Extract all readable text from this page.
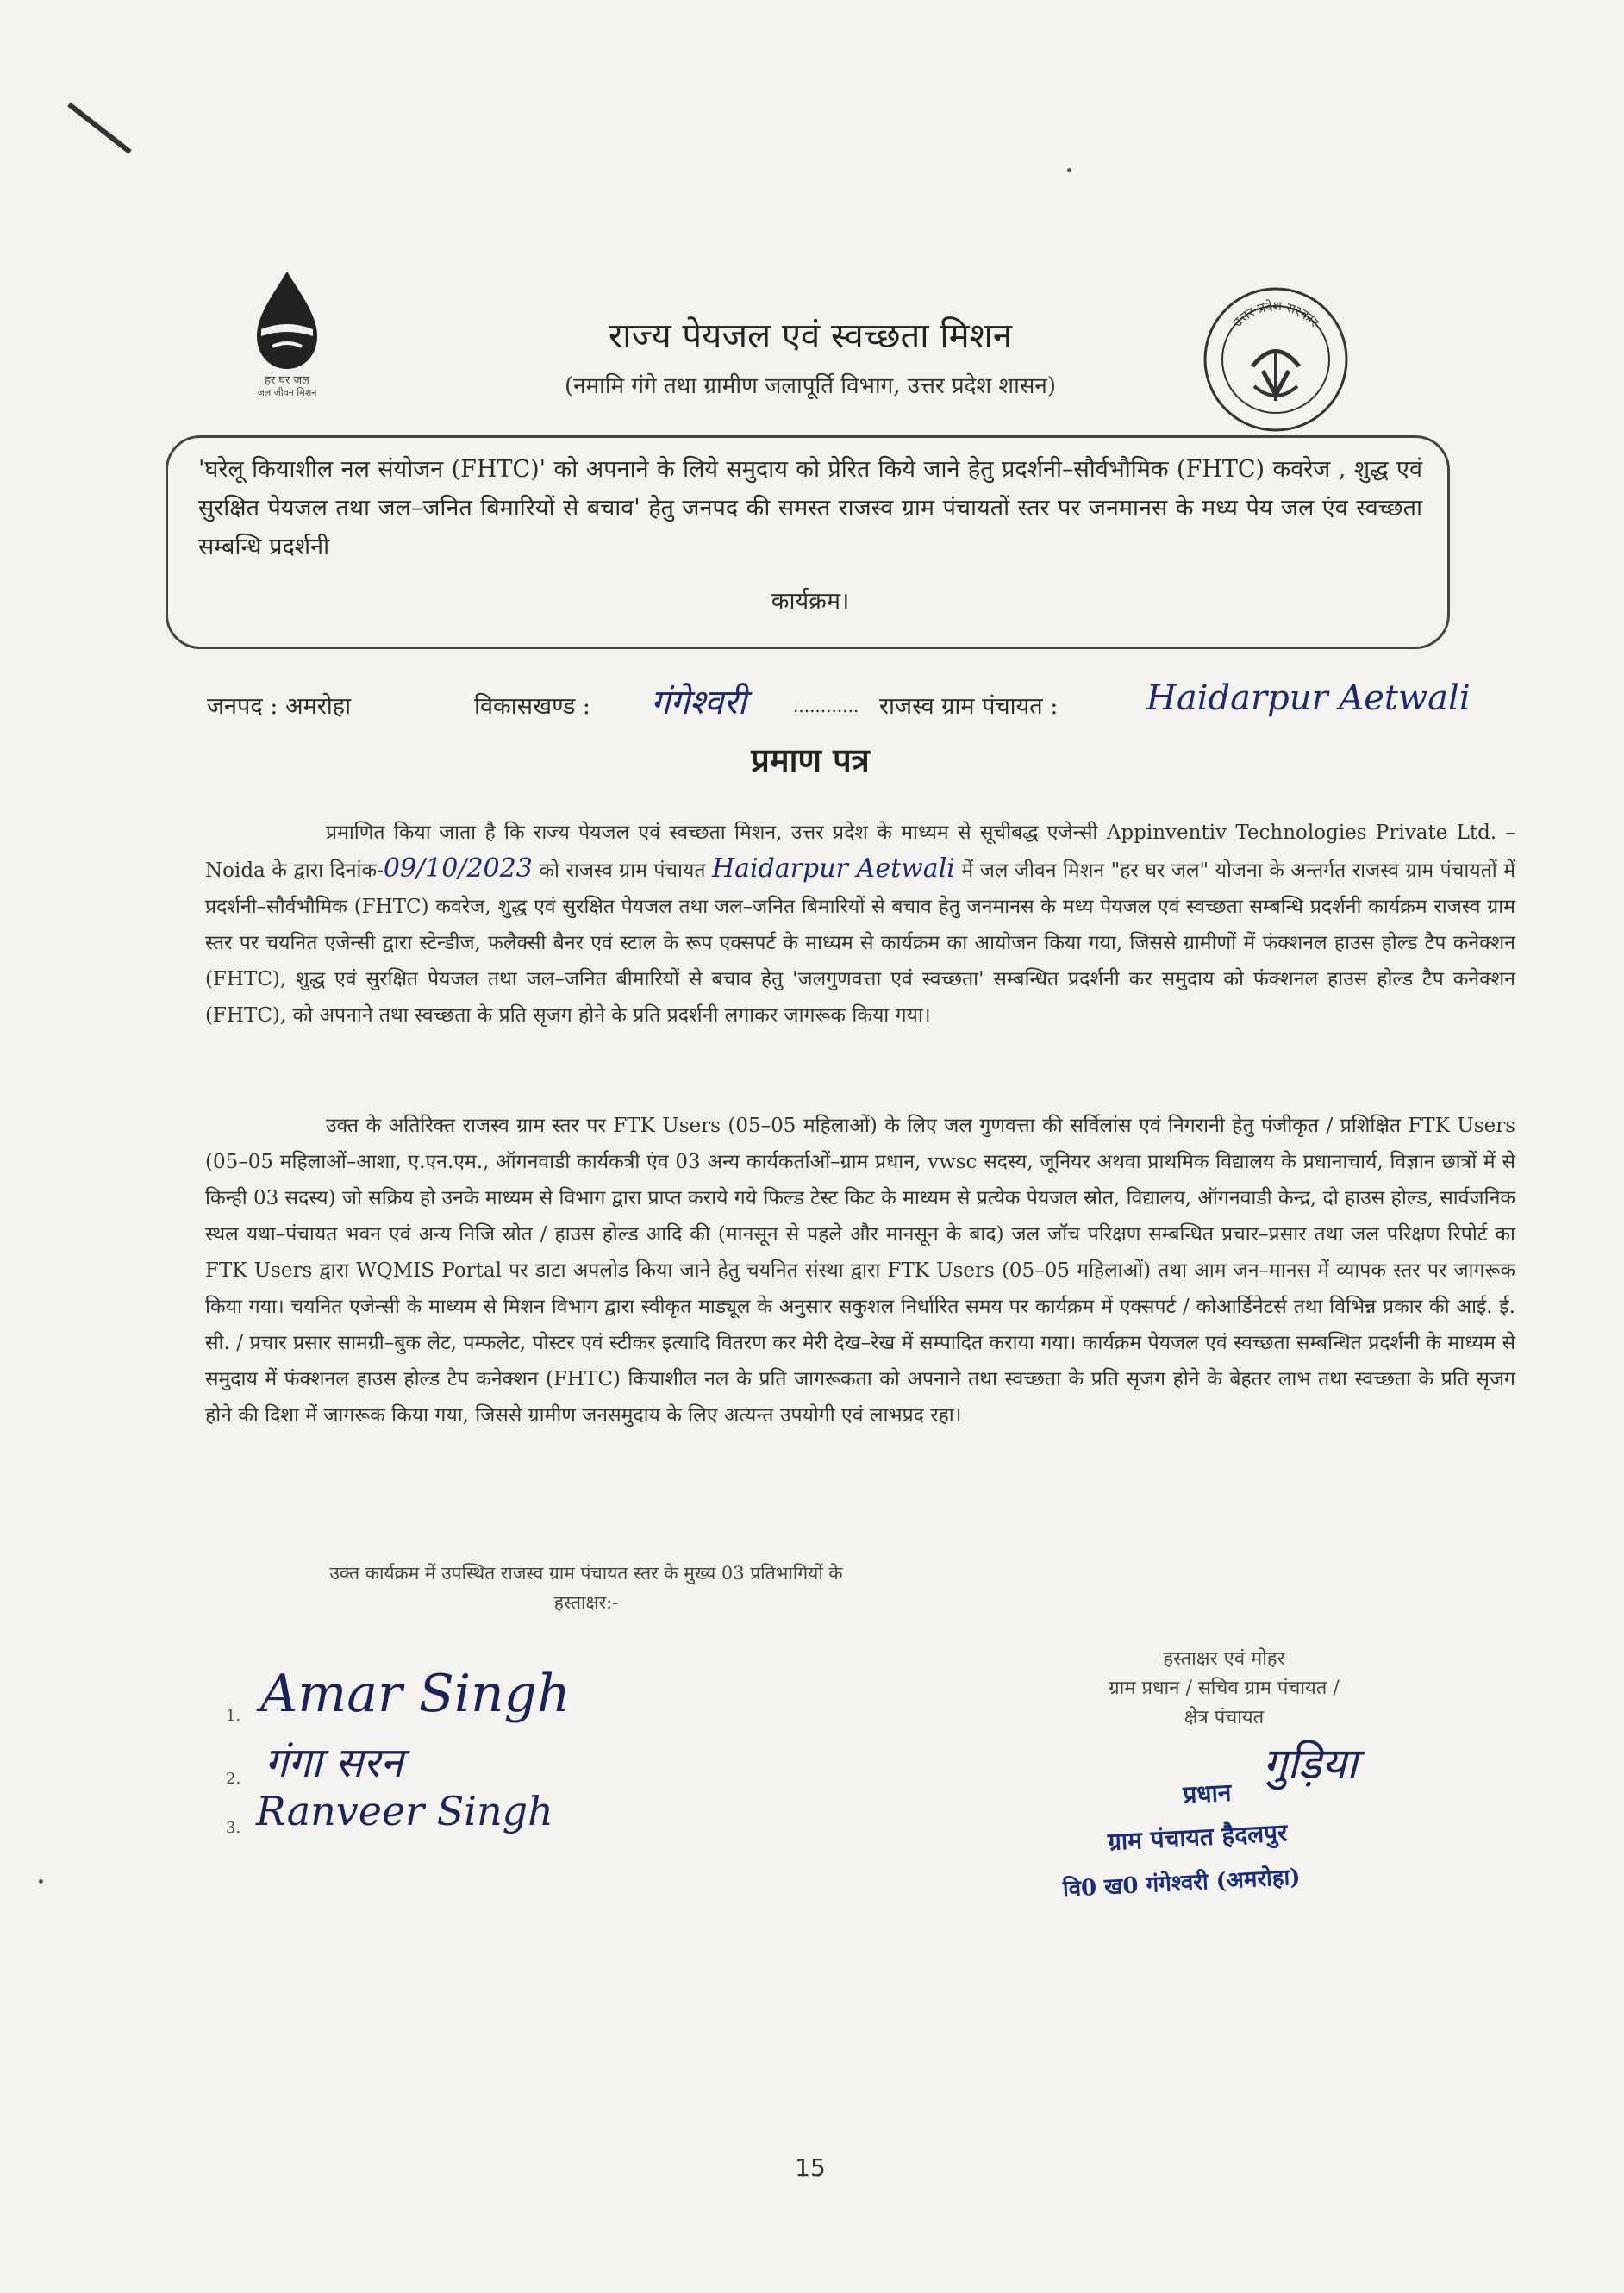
हर घर जल
जल जीवन मिशन
राज्य पेयजल एवं स्वच्छता मिशन
(नमामि गंगे तथा ग्रामीण जलापूर्ति विभाग, उत्तर प्रदेश शासन)
उत्तर प्रदेश सरकार
'घरेलू कियाशील नल संयोजन (FHTC)' को अपनाने के लिये समुदाय को प्रेरित किये जाने हेतु प्रदर्शनी–सौर्वभौमिक (FHTC) कवरेज , शुद्ध एवं सुरक्षित पेयजल तथा जल–जनित बिमारियों से बचाव' हेतु जनपद की समस्त राजस्व ग्राम पंचायतों स्तर पर जनमानस के मध्य पेय जल एंव स्वच्छता सम्बन्धि प्रदर्शनी
कार्यक्रम।
जनपद : अमरोहा	विकासखण्ड : गंगेश्वरी	............ राजस्व ग्राम पंचायत :	Haidarpur Aetwali
प्रमाण पत्र
प्रमाणित किया जाता है कि राज्य पेयजल एवं स्वच्छता मिशन, उत्तर प्रदेश के माध्यम से सूचीबद्ध एजेन्सी Appinventiv Technologies Private Ltd. – Noida के द्वारा दिनांक-09/10/2023 को राजस्व ग्राम पंचायत Haidarpur Aetwali में जल जीवन मिशन "हर घर जल" योजना के अन्तर्गत राजस्व ग्राम पंचायतों में प्रदर्शनी–सौर्वभौमिक (FHTC) कवरेज, शुद्ध एवं सुरक्षित पेयजल तथा जल–जनित बिमारियों से बचाव हेतु जनमानस के मध्य पेयजल एवं स्वच्छता सम्बन्धि प्रदर्शनी कार्यक्रम राजस्व ग्राम स्तर पर चयनित एजेन्सी द्वारा स्टेन्डीज, फलैक्सी बैनर एवं स्टाल के रूप एक्सपर्ट के माध्यम से कार्यक्रम का आयोजन किया गया, जिससे ग्रामीणों में फंक्शनल हाउस होल्ड टैप कनेक्शन (FHTC), शुद्ध एवं सुरक्षित पेयजल तथा जल–जनित बीमारियों से बचाव हेतु 'जलगुणवत्ता एवं स्वच्छता' सम्बन्धित प्रदर्शनी कर समुदाय को फंक्शनल हाउस होल्ड टैप कनेक्शन (FHTC), को अपनाने तथा स्वच्छता के प्रति सृजग होने के प्रति प्रदर्शनी लगाकर जागरूक किया गया।
उक्त के अतिरिक्त राजस्व ग्राम स्तर पर FTK Users (05–05 महिलाओं) के लिए जल गुणवत्ता की सर्विलांस एवं निगरानी हेतु पंजीकृत / प्रशिक्षित FTK Users (05–05 महिलाओं–आशा, ए.एन.एम., ऑगनवाडी कार्यकत्री एंव 03 अन्य कार्यकर्ताओं–ग्राम प्रधान, vwsc सदस्य, जूनियर अथवा प्राथमिक विद्यालय के प्रधानाचार्य, विज्ञान छात्रों में से किन्ही 03 सदस्य) जो सक्रिय हो उनके माध्यम से विभाग द्वारा प्राप्त कराये गये फिल्ड टेस्ट किट के माध्यम से प्रत्येक पेयजल स्रोत, विद्यालय, ऑगनवाडी केन्द्र, दो हाउस होल्ड, सार्वजनिक स्थल यथा–पंचायत भवन एवं अन्य निजि स्रोत / हाउस होल्ड आदि की (मानसून से पहले और मानसून के बाद) जल जॉच परिक्षण सम्बन्धित प्रचार–प्रसार तथा जल परिक्षण रिपोर्ट का FTK Users द्वारा WQMIS Portal पर डाटा अपलोड किया जाने हेतु चयनित संस्था द्वारा FTK Users (05–05 महिलाओं) तथा आम जन–मानस में व्यापक स्तर पर जागरूक किया गया। चयनित एजेन्सी के माध्यम से मिशन विभाग द्वारा स्वीकृत माड्यूल के अनुसार सकुशल निर्धारित समय पर कार्यक्रम में एक्सपर्ट / कोआर्डिनेटर्स तथा विभिन्न प्रकार की आई. ई. सी. / प्रचार प्रसार सामग्री–बुक लेट, पम्फलेट, पोस्टर एवं स्टीकर इत्यादि वितरण कर मेरी देख–रेख में सम्पादित कराया गया। कार्यक्रम पेयजल एवं स्वच्छता सम्बन्धित प्रदर्शनी के माध्यम से समुदाय में फंक्शनल हाउस होल्ड टैप कनेक्शन (FHTC) कियाशील नल के प्रति जागरूकता को अपनाने तथा स्वच्छता के प्रति सृजग होने के बेहतर लाभ तथा स्वच्छता के प्रति सृजग होने की दिशा में जागरूक किया गया, जिससे ग्रामीण जनसमुदाय के लिए अत्यन्त उपयोगी एवं लाभप्रद रहा।
उक्त कार्यक्रम में उपस्थित राजस्व ग्राम पंचायत स्तर के मुख्य 03 प्रतिभागियों के
हस्ताक्षर:-
1. Amar Singh
2. गंगा सरन
3. Ranveer Singh
हस्ताक्षर एवं मोहर
ग्राम प्रधान / सचिव ग्राम पंचायत /
क्षेत्र पंचायत
गुड़िया
प्रधान
ग्राम पंचायत हैदलपुर
वि0 ख0 गंगेश्वरी (अमरोहा)
15
